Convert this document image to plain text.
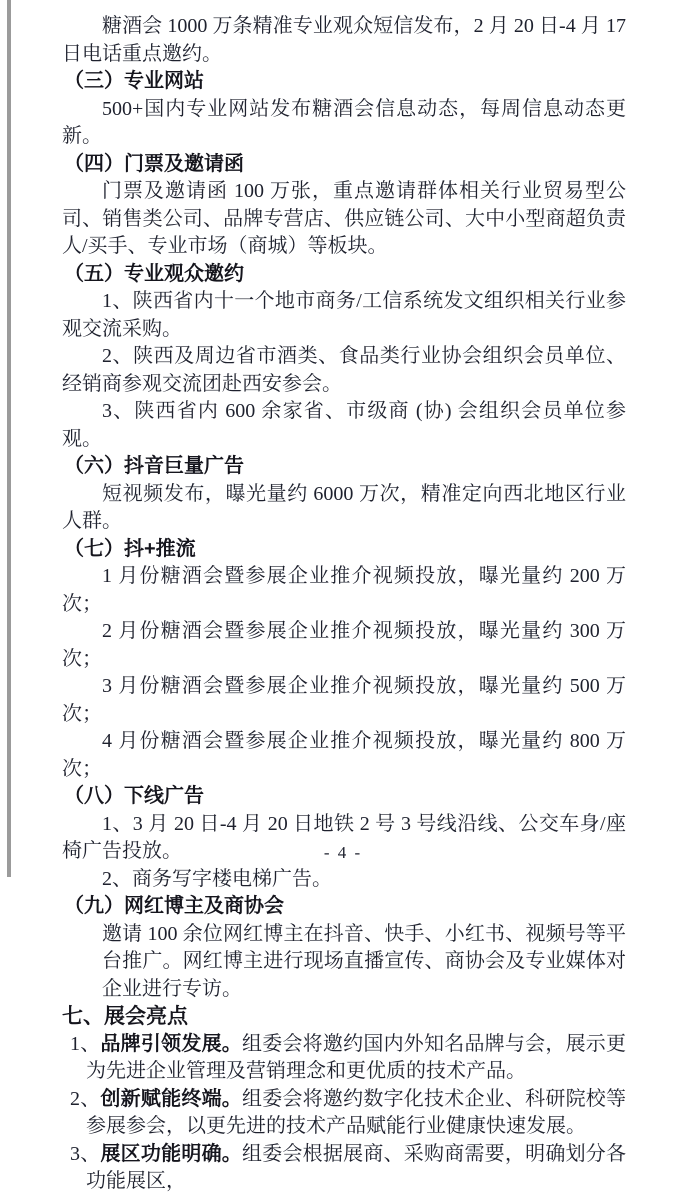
糖酒会 1000 万条精准专业观众短信发布，2 月 20 日-4 月 17 日电话重点邀约。

（三）专业网站

500+国内专业网站发布糖酒会信息动态，每周信息动态更新。

（四）门票及邀请函

门票及邀请函 100 万张，重点邀请群体相关行业贸易型公司、销售类公司、品牌专营店、供应链公司、大中小型商超负责人/买手、专业市场（商城）等板块。

（五）专业观众邀约

1、陕西省内十一个地市商务/工信系统发文组织相关行业参观交流采购。

2、陕西及周边省市酒类、食品类行业协会组织会员单位、经销商参观交流团赴西安参会。

3、陕西省内 600 余家省、市级商 (协) 会组织会员单位参观。

（六）抖音巨量广告

短视频发布，曝光量约 6000 万次，精准定向西北地区行业人群。

（七）抖+推流

1 月份糖酒会暨参展企业推介视频投放，曝光量约 200 万次；

2 月份糖酒会暨参展企业推介视频投放，曝光量约 300 万次；

3 月份糖酒会暨参展企业推介视频投放，曝光量约 500 万次；

4 月份糖酒会暨参展企业推介视频投放，曝光量约 800 万次；

（八）下线广告

1、3 月 20 日-4 月 20 日地铁 2 号 3 号线沿线、公交车身/座椅广告投放。

2、商务写字楼电梯广告。

（九）网红博主及商协会

邀请 100 余位网红博主在抖音、快手、小红书、视频号等平台推广。网红博主进行现场直播宣传、商协会及专业媒体对企业进行专访。

七、展会亮点

1、品牌引领发展。组委会将邀约国内外知名品牌与会，展示更为先进企业管理及营销理念和更优质的技术产品。

2、创新赋能终端。组委会将邀约数字化技术企业、科研院校等参展参会，以更先进的技术产品赋能行业健康快速发展。

3、展区功能明确。组委会根据展商、采购商需要，明确划分各功能展区，

- 4 -
